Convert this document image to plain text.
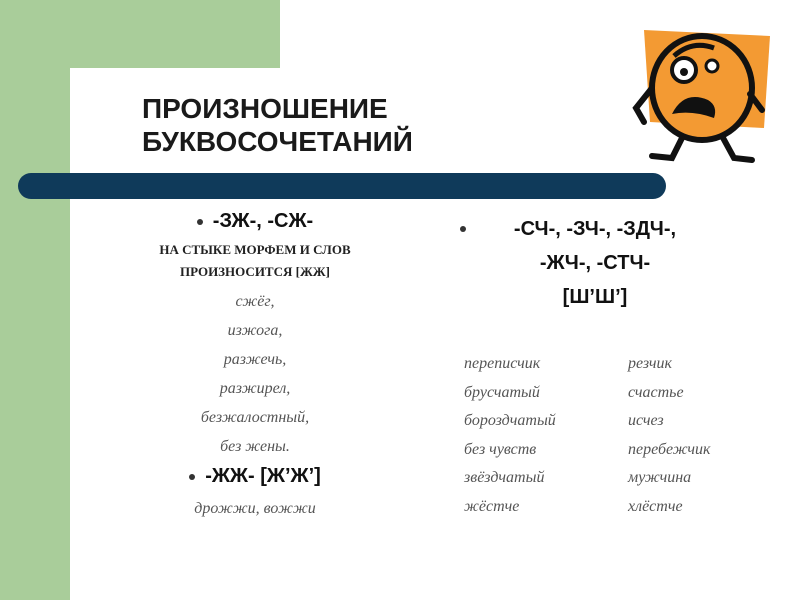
ПРОИЗНОШЕНИЕ
БУКВОСОЧЕТАНИЙ
-ЗЖ-, -СЖ-
НА СТЫКЕ МОРФЕМ И СЛОВ
ПРОИЗНОСИТСЯ [ЖЖ]
сжёг,
изжога,
разжечь,
разжирел,
безжалостный,
без жены.
-ЖЖ- [Ж’Ж’]
дрожжи, вожжи
-СЧ-, -ЗЧ-, -ЗДЧ-,
-ЖЧ-, -СТЧ-
[Ш’Ш’]
переписчик
брусчатый
бороздчатый
без чувств
звёздчатый
жёстче
резчик
счастье
исчез
перебежчик
мужчина
хлёстче
